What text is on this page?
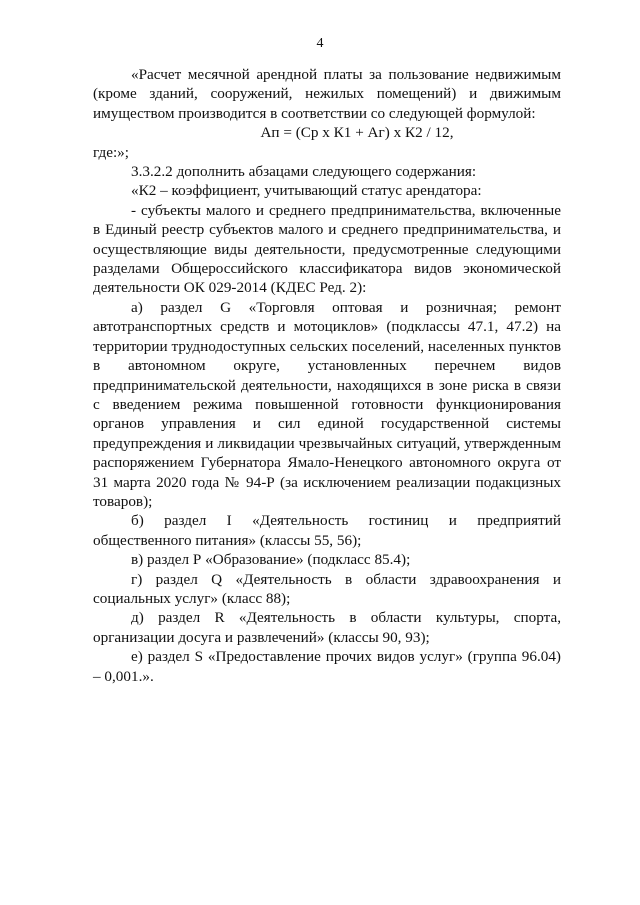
4

«Расчет месячной арендной платы за пользование недвижимым (кроме зданий, сооружений, нежилых помещений) и движимым имуществом производится в соответствии со следующей формулой:

Ап = (Ср х К1 + Аг) х К2 / 12,

где:»;

3.3.2.2 дополнить абзацами следующего содержания:

«К2 – коэффициент, учитывающий статус арендатора:

- субъекты малого и среднего предпринимательства, включенные в Единый реестр субъектов малого и среднего предпринимательства, и осуществляющие виды деятельности, предусмотренные следующими разделами Общероссийского классификатора видов экономической деятельности ОК 029-2014 (КДЕС Ред. 2):

а) раздел G «Торговля оптовая и розничная; ремонт автотранспортных средств и мотоциклов» (подклассы 47.1, 47.2) на территории труднодоступных сельских поселений, населенных пунктов в автономном округе, установленных перечнем видов предпринимательской деятельности, находящихся в зоне риска в связи с введением режима повышенной готовности функционирования органов управления и сил единой государственной системы предупреждения и ликвидации чрезвычайных ситуаций, утвержденным распоряжением Губернатора Ямало-Ненецкого автономного округа от 31 марта 2020 года № 94-Р (за исключением реализации подакцизных товаров);

б) раздел I «Деятельность гостиниц и предприятий общественного питания» (классы 55, 56);

в) раздел Р «Образование» (подкласс 85.4);

г) раздел Q «Деятельность в области здравоохранения и социальных услуг» (класс 88);

д) раздел R «Деятельность в области культуры, спорта, организации досуга и развлечений» (классы 90, 93);

е) раздел S «Предоставление прочих видов услуг» (группа 96.04) – 0,001.».
